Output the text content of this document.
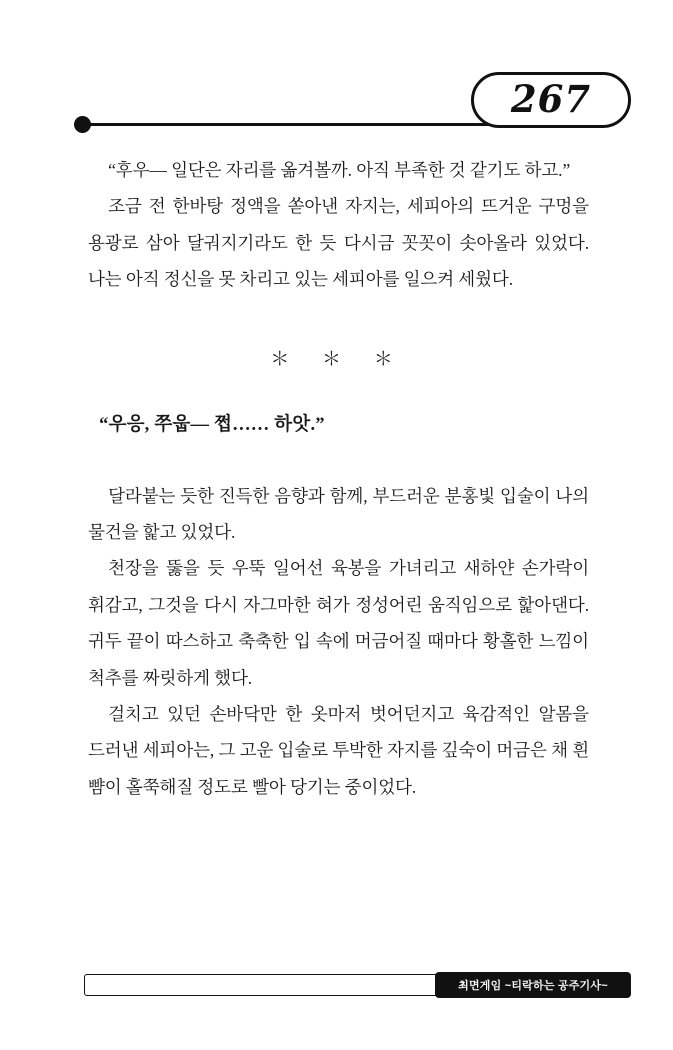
267

“후우— 일단은 자리를 옮겨볼까. 아직 부족한 것 같기도 하고.”

조금 전 한바탕 정액을 쏟아낸 자지는, 세피아의 뜨거운 구멍을 용광로 삼아 달궈지기라도 한 듯 다시금 꼿꼿이 솟아올라 있었다. 나는 아직 정신을 못 차리고 있는 세피아를 일으켜 세웠다.

＊ ＊ ＊

“우응, 쭈웁— 쩝…… 하앗.”

달라붙는 듯한 진득한 음향과 함께, 부드러운 분홍빛 입술이 나의 물건을 핥고 있었다.

천장을 뚫을 듯 우뚝 일어선 육봉을 가녀리고 새하얀 손가락이 휘감고, 그것을 다시 자그마한 혀가 정성어린 움직임으로 핥아댄다. 귀두 끝이 따스하고 축축한 입 속에 머금어질 때마다 황홀한 느낌이 척추를 짜릿하게 했다.

걸치고 있던 손바닥만 한 옷마저 벗어던지고 육감적인 알몸을 드러낸 세피아는, 그 고운 입술로 투박한 자지를 깊숙이 머금은 채 흰 뺨이 홀쭉해질 정도로 빨아 당기는 중이었다.

최면게임 ~티락하는 공주기사~
